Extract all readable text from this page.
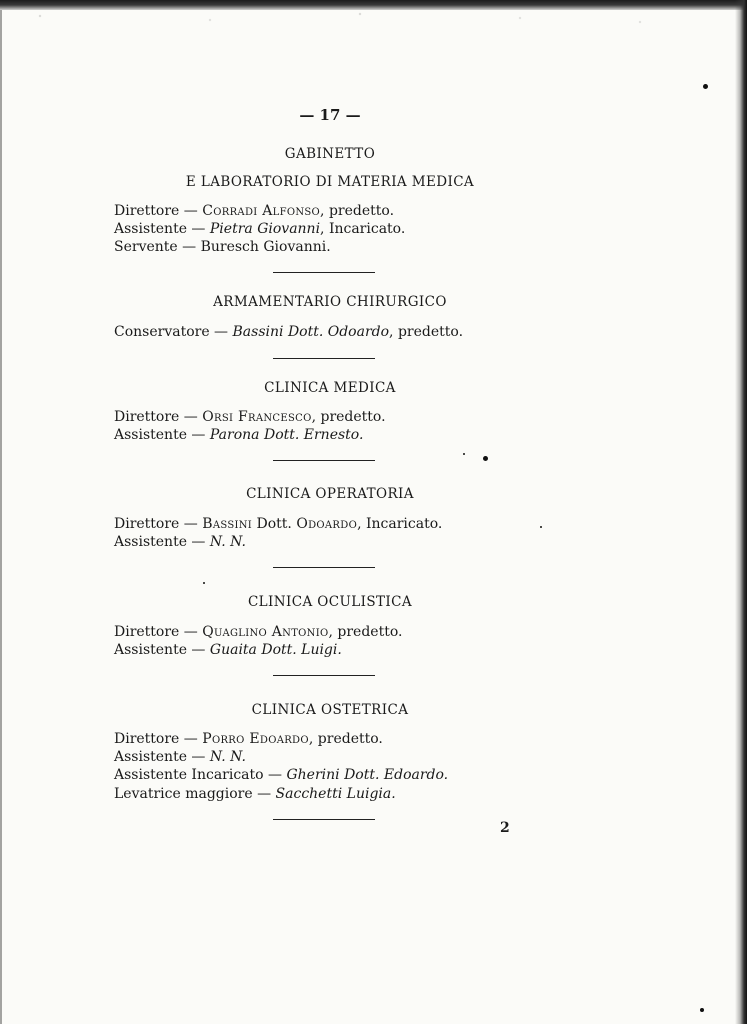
— 17 —
GABINETTO
E LABORATORIO DI MATERIA MEDICA
Direttore — Corradi Alfonso, predetto.
Assistente — Pietra Giovanni, Incaricato.
Servente — Buresch Giovanni.
ARMAMENTARIO CHIRURGICO
Conservatore — Bassini Dott. Odoardo, predetto.
CLINICA MEDICA
Direttore — Orsi Francesco, predetto.
Assistente — Parona Dott. Ernesto.
CLINICA OPERATORIA
Direttore — Bassini Dott. Odoardo, Incaricato.
Assistente — N. N.
CLINICA OCULISTICA
Direttore — Quaglino Antonio, predetto.
Assistente — Guaita Dott. Luigi.
CLINICA OSTETRICA
Direttore — Porro Edoardo, predetto.
Assistente — N. N.
Assistente Incaricato — Gherini Dott. Edoardo.
Levatrice maggiore — Sacchetti Luigia.
2
